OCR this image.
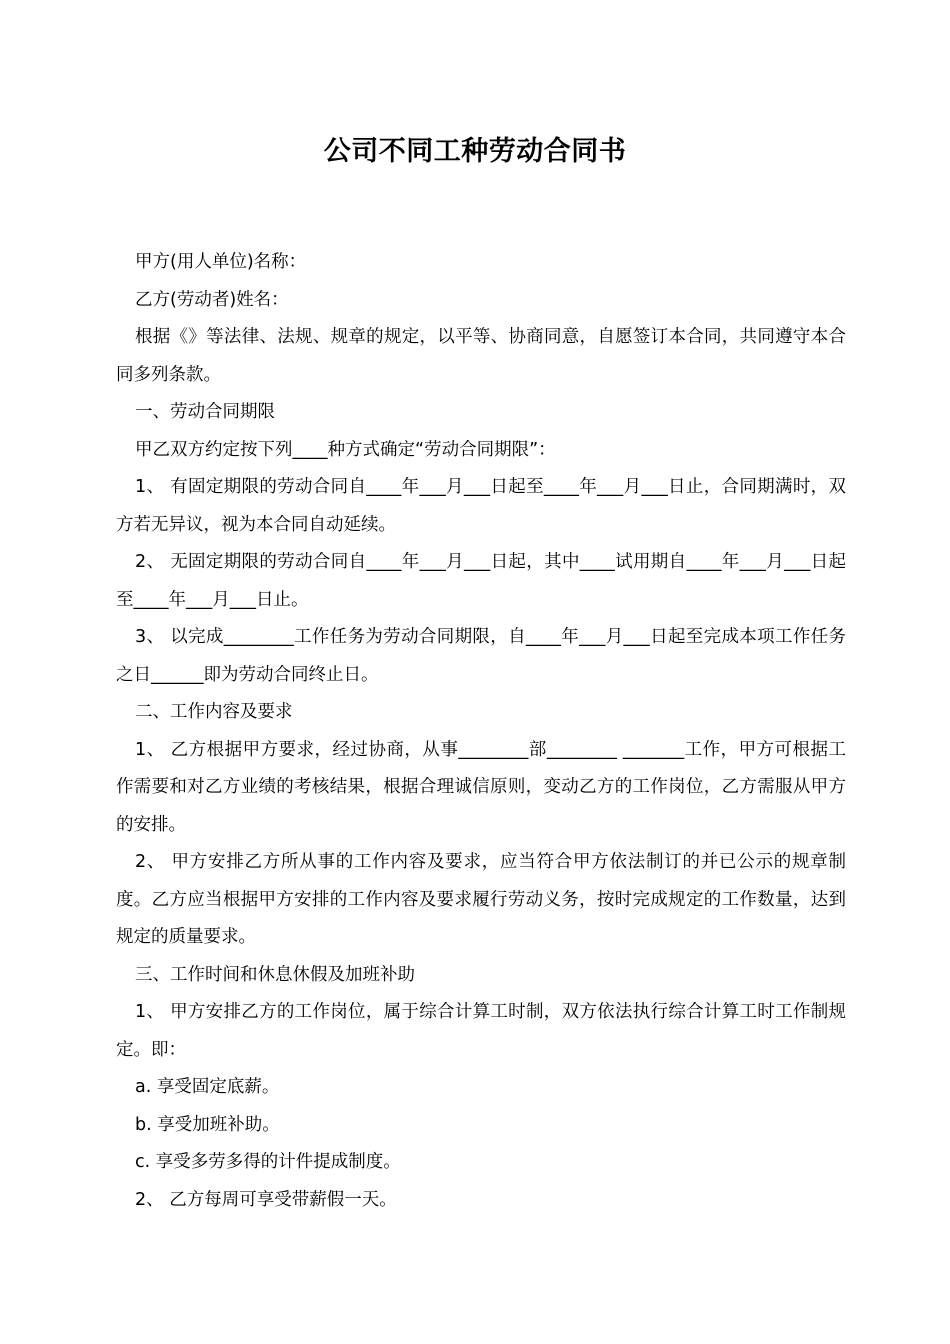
公司不同工种劳动合同书

甲方(用人单位)名称：

乙方(劳动者)姓名：

根据《》等法律、法规、规章的规定，以平等、协商同意，自愿签订本合同，共同遵守本合同多列条款。

一、劳动合同期限

甲乙双方约定按下列____种方式确定“劳动合同期限”：

1、 有固定期限的劳动合同自____年___月___日起至____年___月___日止，合同期满时，双方若无异议，视为本合同自动延续。

2、 无固定期限的劳动合同自____年___月___日起，其中____试用期自____年___月___日起至____年___月___日止。

3、 以完成________工作任务为劳动合同期限，自____年___月___日起至完成本项工作任务之日______即为劳动合同终止日。

二、工作内容及要求

1、 乙方根据甲方要求，经过协商，从事________部________ _______工作，甲方可根据工作需要和对乙方业绩的考核结果，根据合理诚信原则，变动乙方的工作岗位，乙方需服从甲方的安排。

2、 甲方安排乙方所从事的工作内容及要求，应当符合甲方依法制订的并已公示的规章制度。乙方应当根据甲方安排的工作内容及要求履行劳动义务，按时完成规定的工作数量，达到规定的质量要求。

三、工作时间和休息休假及加班补助

1、 甲方安排乙方的工作岗位，属于综合计算工时制，双方依法执行综合计算工时工作制规定。即：

a. 享受固定底薪。

b. 享受加班补助。

c. 享受多劳多得的计件提成制度。

2、 乙方每周可享受带薪假一天。
